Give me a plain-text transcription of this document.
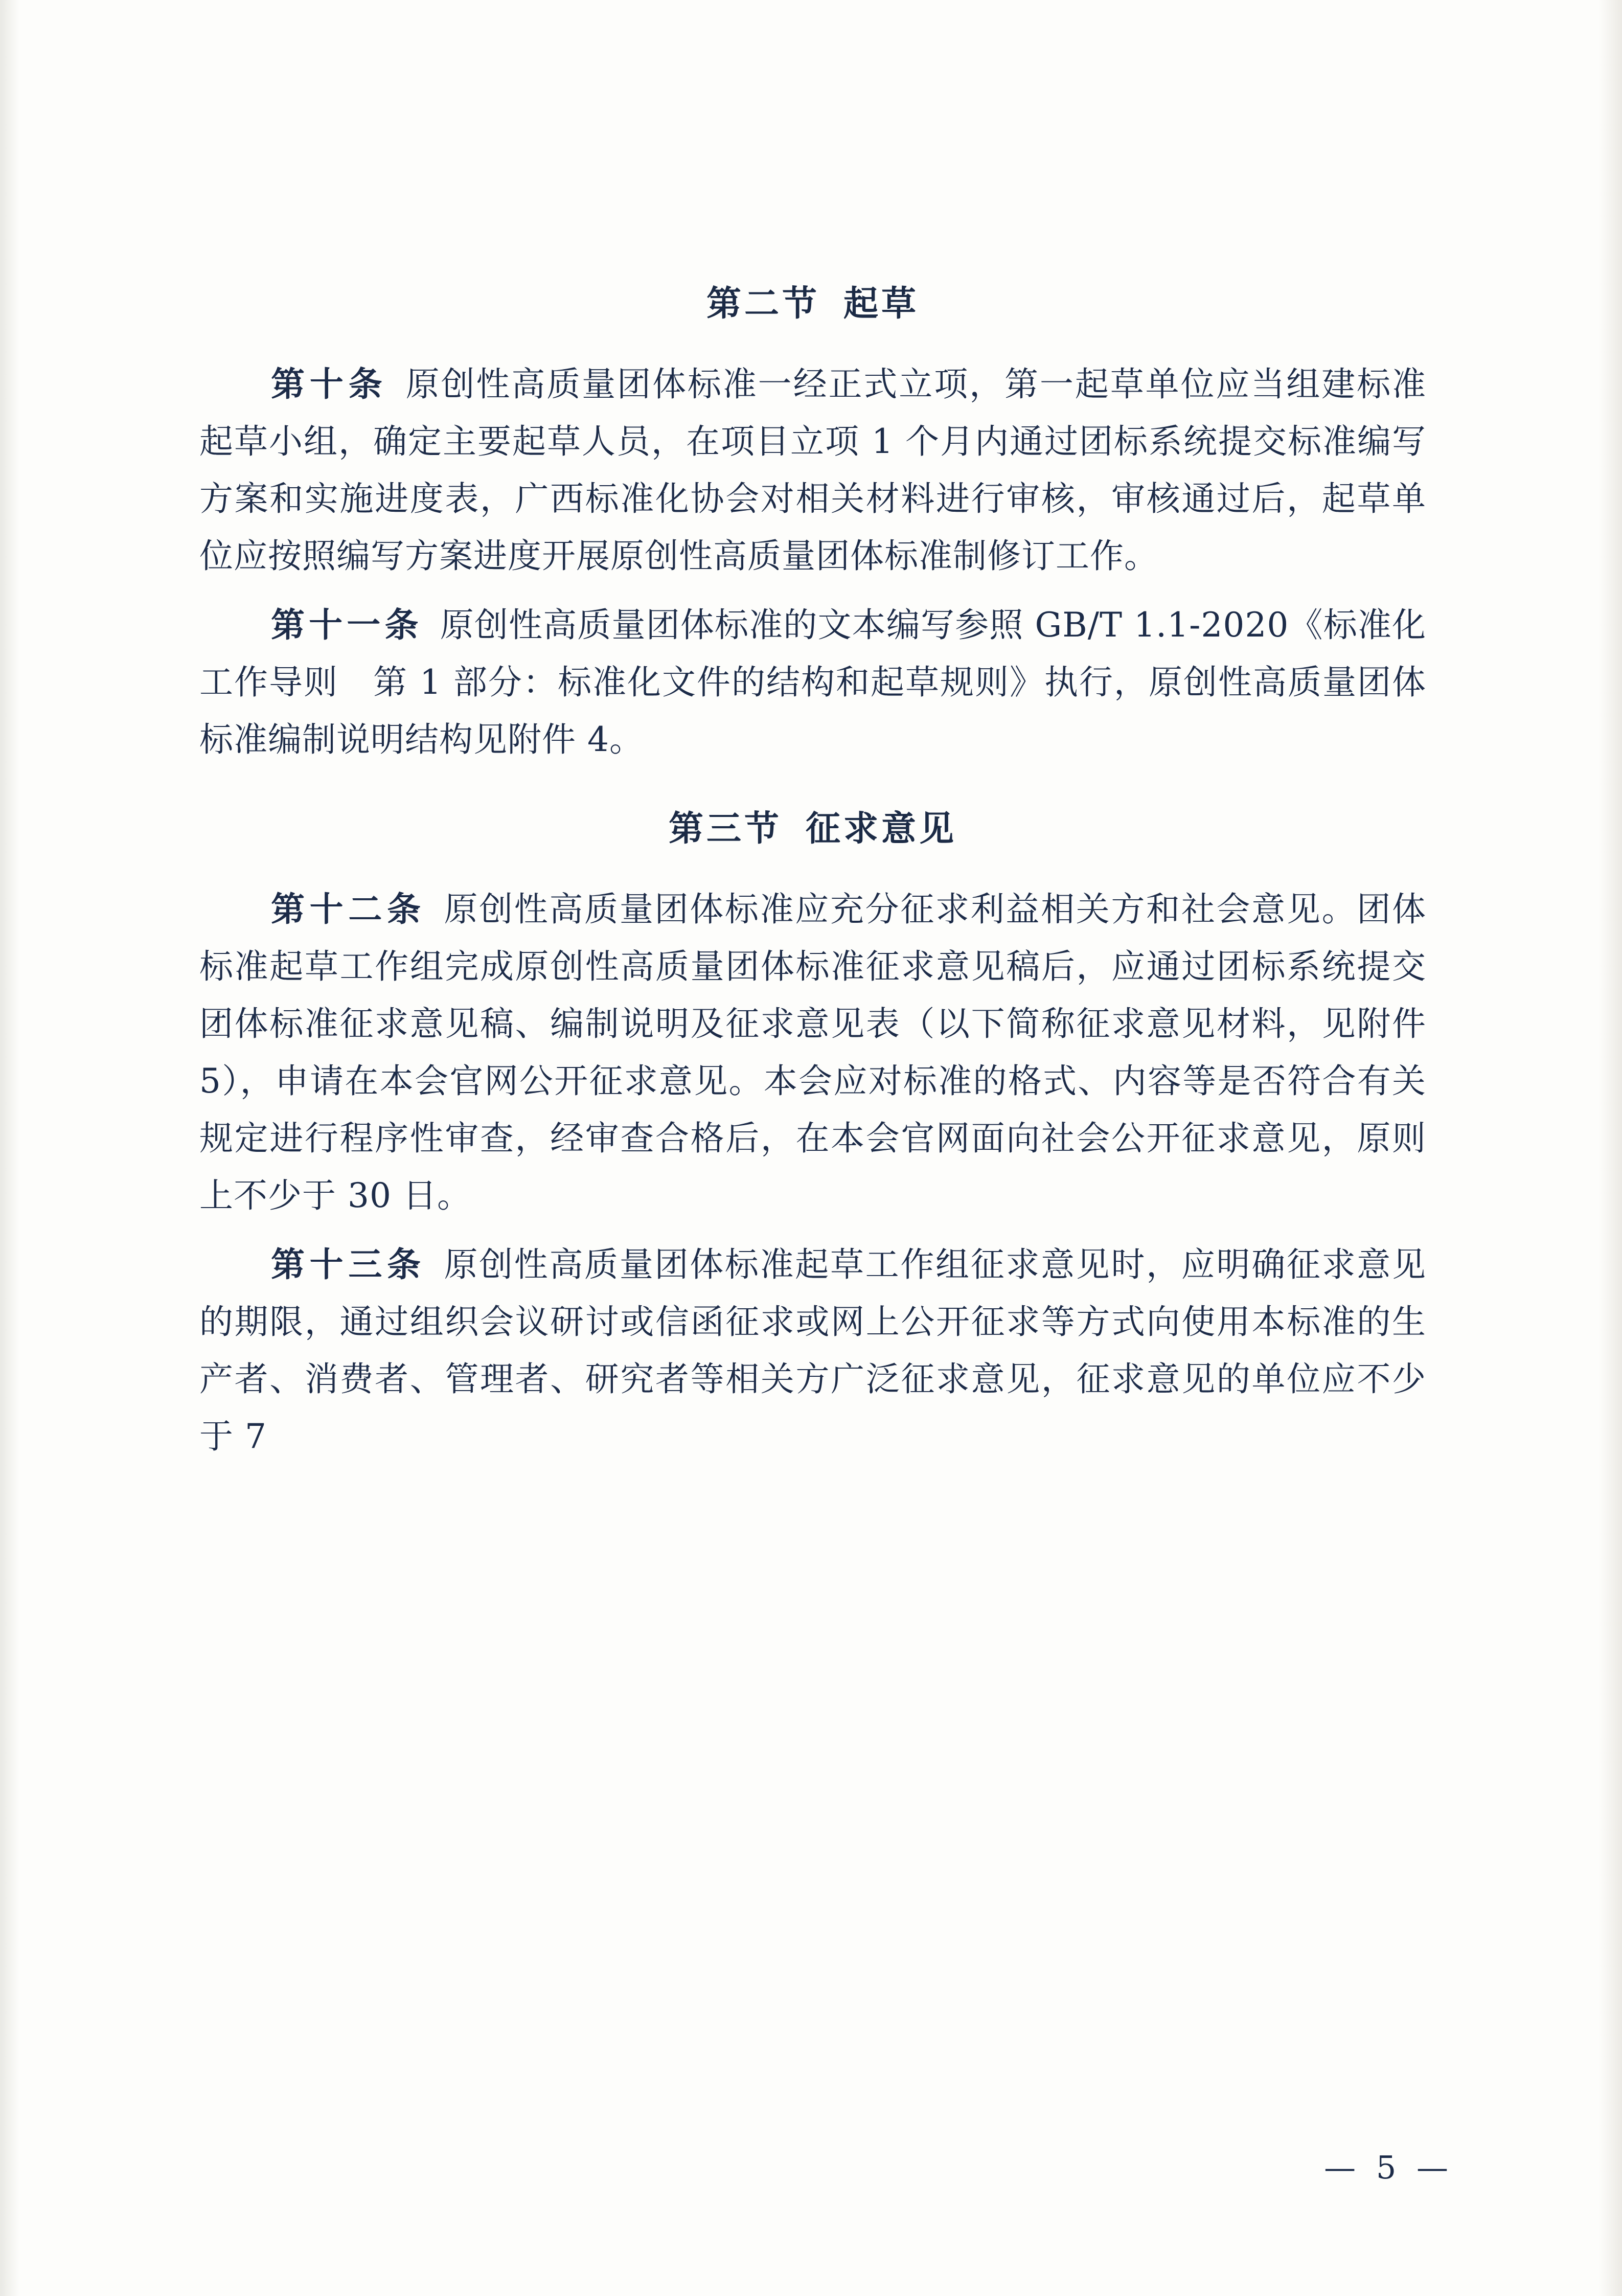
第二节 起草

第十条 原创性高质量团体标准一经正式立项，第一起草单位应当组建标准起草小组，确定主要起草人员，在项目立项 1 个月内通过团标系统提交标准编写方案和实施进度表，广西标准化协会对相关材料进行审核，审核通过后，起草单位应按照编写方案进度开展原创性高质量团体标准制修订工作。

第十一条 原创性高质量团体标准的文本编写参照 GB/T 1.1-2020《标准化工作导则　第 1 部分：标准化文件的结构和起草规则》执行，原创性高质量团体标准编制说明结构见附件 4。

第三节 征求意见

第十二条 原创性高质量团体标准应充分征求利益相关方和社会意见。团体标准起草工作组完成原创性高质量团体标准征求意见稿后，应通过团标系统提交团体标准征求意见稿、编制说明及征求意见表（以下简称征求意见材料，见附件 5），申请在本会官网公开征求意见。本会应对标准的格式、内容等是否符合有关规定进行程序性审查，经审查合格后，在本会官网面向社会公开征求意见，原则上不少于 30 日。

第十三条 原创性高质量团体标准起草工作组征求意见时，应明确征求意见的期限，通过组织会议研讨或信函征求或网上公开征求等方式向使用本标准的生产者、消费者、管理者、研究者等相关方广泛征求意见，征求意见的单位应不少于 7

— 5 —
